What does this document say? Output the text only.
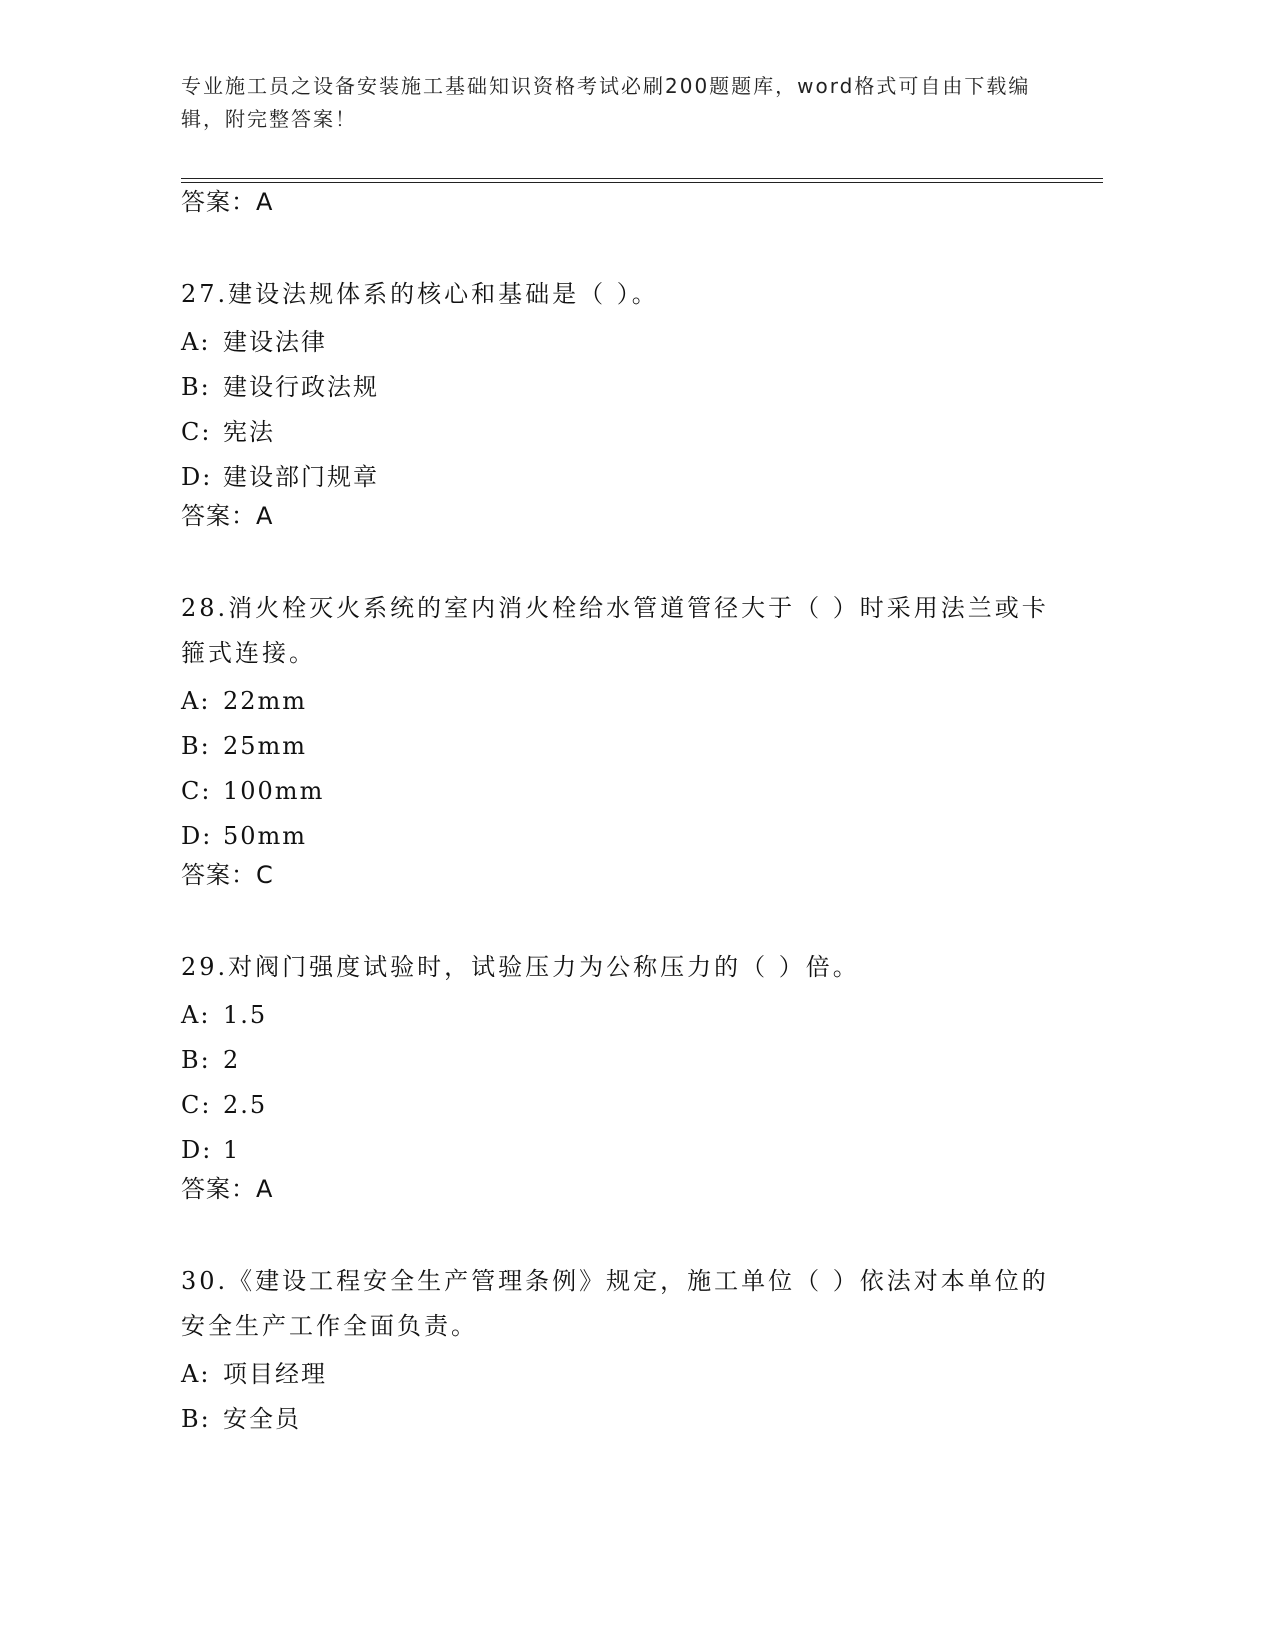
专业施工员之设备安装施工基础知识资格考试必刷200题题库，word格式可自由下载编辑，附完整答案！
答案：A

27.建设法规体系的核心和基础是（ ）。

A: 建设法律
B: 建设行政法规
C: 宪法
D: 建设部门规章
答案：A

28.消火栓灭火系统的室内消火栓给水管道管径大于（ ）时采用法兰或卡箍式连接。

A: 22mm
B: 25mm
C: 100mm
D: 50mm
答案：C

29.对阀门强度试验时，试验压力为公称压力的（ ）倍。

A: 1.5
B: 2
C: 2.5
D: 1
答案：A

30.《建设工程安全生产管理条例》规定，施工单位（ ）依法对本单位的安全生产工作全面负责。

A: 项目经理
B: 安全员
